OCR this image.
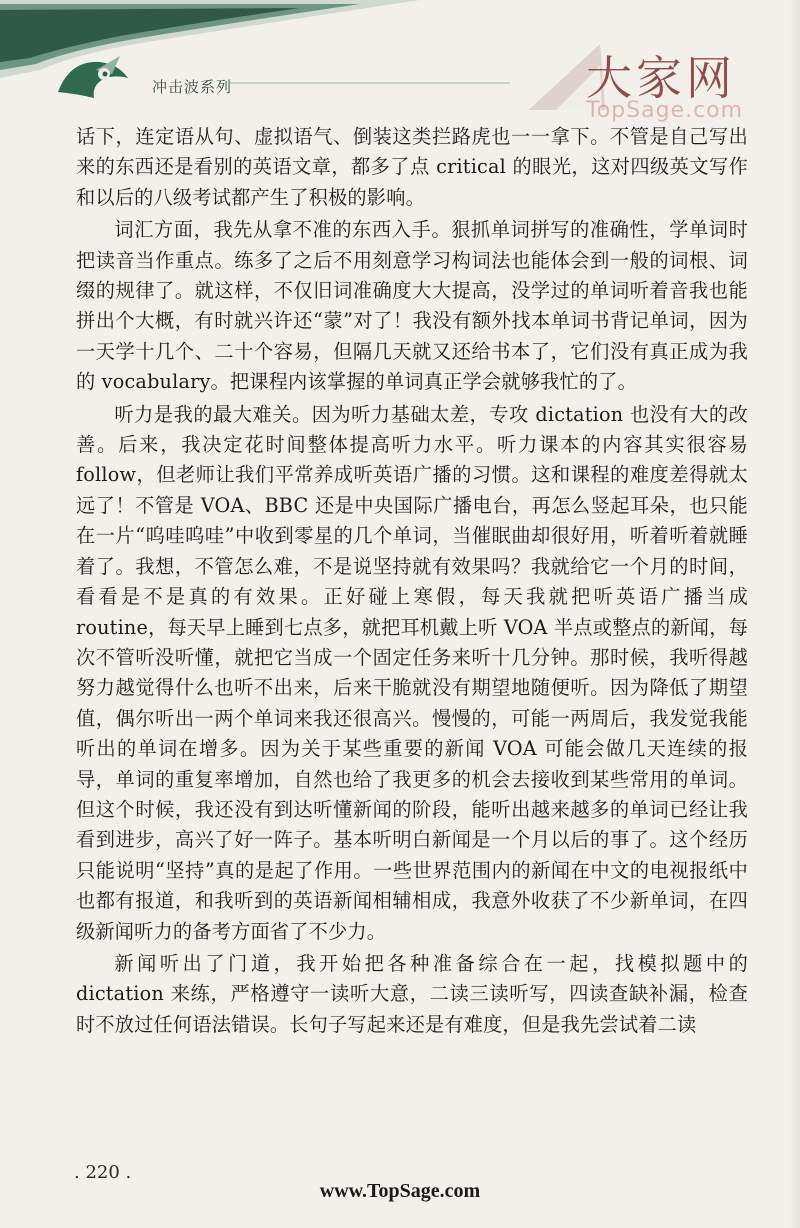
冲击波系列	大家网
TopSage.com

话下，连定语从句、虚拟语气、倒装这类拦路虎也一一拿下。不管是自己写出来的东西还是看别的英语文章，都多了点 critical 的眼光，这对四级英文写作和以后的八级考试都产生了积极的影响。

词汇方面，我先从拿不准的东西入手。狠抓单词拼写的准确性，学单词时把读音当作重点。练多了之后不用刻意学习构词法也能体会到一般的词根、词缀的规律了。就这样，不仅旧词准确度大大提高，没学过的单词听着音我也能拼出个大概，有时就兴许还“蒙”对了！我没有额外找本单词书背记单词，因为一天学十几个、二十个容易，但隔几天就又还给书本了，它们没有真正成为我的 vocabulary。把课程内该掌握的单词真正学会就够我忙的了。

听力是我的最大难关。因为听力基础太差，专攻 dictation 也没有大的改善。后来，我决定花时间整体提高听力水平。听力课本的内容其实很容易 follow，但老师让我们平常养成听英语广播的习惯。这和课程的难度差得就太远了！不管是 VOA、BBC 还是中央国际广播电台，再怎么竖起耳朵，也只能在一片“呜哇呜哇”中收到零星的几个单词，当催眠曲却很好用，听着听着就睡着了。我想，不管怎么难，不是说坚持就有效果吗？我就给它一个月的时间，看看是不是真的有效果。正好碰上寒假，每天我就把听英语广播当成 routine，每天早上睡到七点多，就把耳机戴上听 VOA 半点或整点的新闻，每次不管听没听懂，就把它当成一个固定任务来听十几分钟。那时候，我听得越努力越觉得什么也听不出来，后来干脆就没有期望地随便听。因为降低了期望值，偶尔听出一两个单词来我还很高兴。慢慢的，可能一两周后，我发觉我能听出的单词在增多。因为关于某些重要的新闻 VOA 可能会做几天连续的报导，单词的重复率增加，自然也给了我更多的机会去接收到某些常用的单词。但这个时候，我还没有到达听懂新闻的阶段，能听出越来越多的单词已经让我看到进步，高兴了好一阵子。基本听明白新闻是一个月以后的事了。这个经历只能说明“坚持”真的是起了作用。一些世界范围内的新闻在中文的电视报纸中也都有报道，和我听到的英语新闻相辅相成，我意外收获了不少新单词，在四级新闻听力的备考方面省了不少力。

新闻听出了门道，我开始把各种准备综合在一起，找模拟题中的 dictation 来练，严格遵守一读听大意，二读三读听写，四读查缺补漏，检查时不放过任何语法错误。长句子写起来还是有难度，但是我先尝试着二读

. 220 .
www.TopSage.com
